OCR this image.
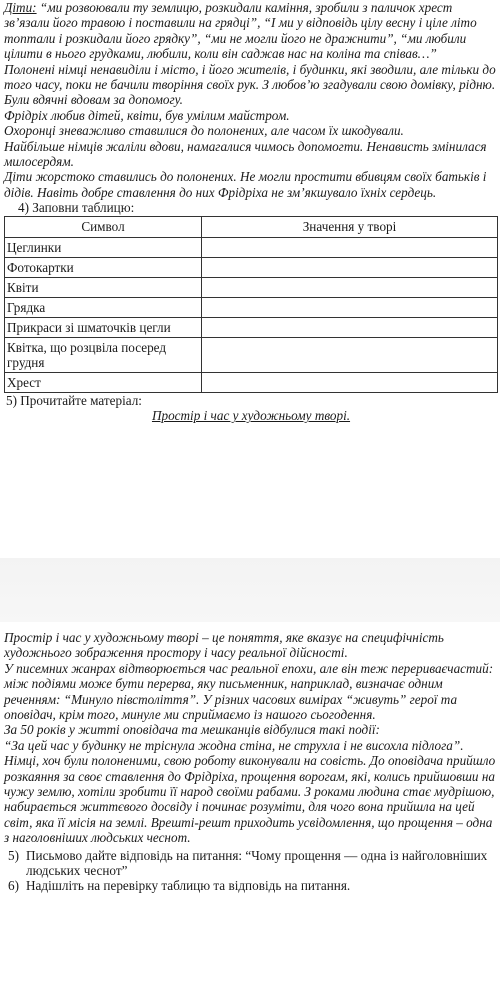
Діти: “ми розвоювали ту землицю, розкидали каміння, зробили з паличок хрест зв’язали його травою і поставили на грядці”, “І ми у відповідь цілу весну і ціле літо топтали і розкидали його грядку”, “ми не могли його не дражнити”, “ми любили цілити в нього грудками, любили, коли він саджав нас на коліна та співав…”

Полонені німці ненавиділи і місто, і його жителів, і будинки, які зводили, але тільки до того часу, поки не бачили творіння своїх рук. З любов’ю згадували свою домівку, рідню. Були вдячні вдовам за допомогу.

Фрідріх любив дітей, квіти, був умілим майстром.

Охоронці зневажливо ставилися до полонених, але часом їх шкодували.

Найбільше німців жаліли вдови, намагалися чимось допомогти. Ненависть змінилася милосердям.

Діти жорстоко ставились до полонених. Не могли простити вбивцям своїх батьків і дідів. Навіть добре ставлення до них Фрідріха не зм’якшувало їхніх сердець.

4) Заповни таблицю:

Символ	Значення у творі
Цеглинки	
Фотокартки	
Квіти	
Грядка	
Прикраси зі шматочків цегли	
Квітка, що розцвіла посеред грудня	
Хрест	

5) Прочитайте матеріал:

Простір і час у художньому творі.

Простір і час у художньому творі – це поняття, яке вказує на специфічність художнього зображення простору і часу реальної дійсності.

У писемних жанрах відтворюється час реальної епохи, але він теж перериваєчастий: між подіями може бути перерва, яку письменник, наприклад, визначає одним реченням: “Минуло півстоліття”. У різних часових вимірах “живуть” герої та оповідач, крім того, минуле ми сприймаємо із нашого сьогодення.

За 50 років у житті оповідача та мешканців відбулися такі події:

“За цей час у будинку не тріснула жодна стіна, не струхла і не висохла підлога”. Німці, хоч були полоненими, свою роботу виконували на совість. До оповідача прийшло розкаяння за своє ставлення до Фрідріха, прощення ворогам, які, колись прийшовши на чужу землю, хотіли зробити її народ своїми рабами. З роками людина стає мудрішою, набирається життєвого досвіду і починає розуміти, для чого вона прийшла на цей світ, яка її місія на землі. Врешті-решт приходить усвідомлення, що прощення – одна з наголовніших людських чеснот.

5) Письмово дайте відповідь на питання: “Чому прощення — одна із найголовніших людських чеснот”

6) Надішліть на перевірку таблицю та відповідь на питання.
